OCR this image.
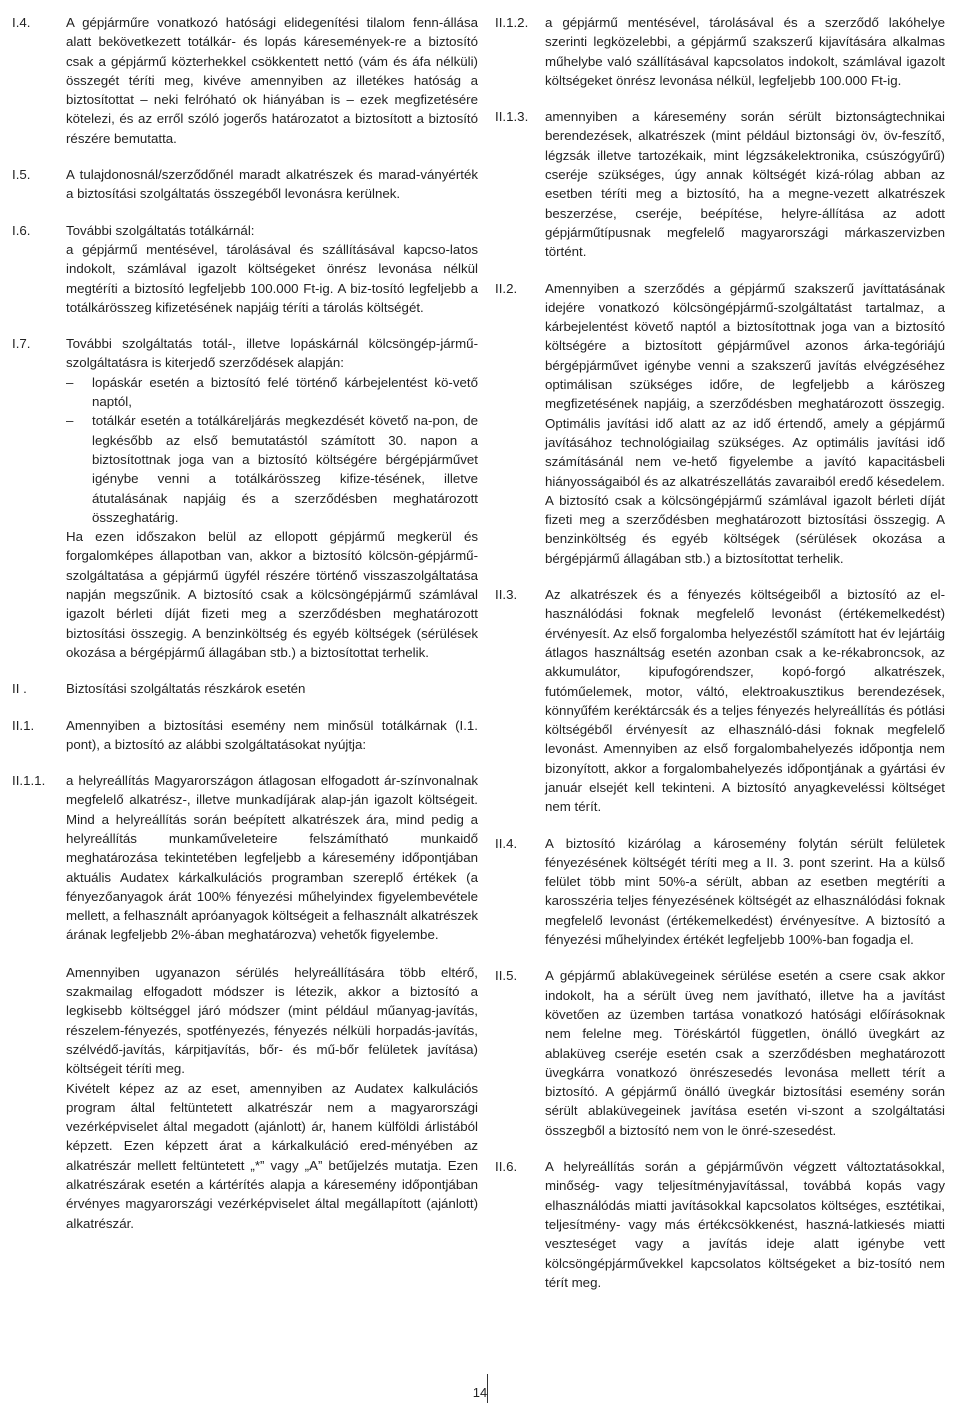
I.4.	A gépjárműre vonatkozó hatósági elidegenítési tilalom fenn-állása alatt bekövetkezett totálkár- és lopás káresemények-re a biztosító csak a gépjármű közterhekkel csökkentett nettó (vám és áfa nélküli) összegét téríti meg, kivéve amennyiben az illetékes hatóság a biztosítottat – neki felróható ok hiányában is – ezek megfizetésére kötelezi, és az erről szóló jogerős határozatot a biztosított a biztosító részére bemutatta.

I.5.	A tulajdonosnál/szerződőnél maradt alkatrészek és marad-ványérték a biztosítási szolgáltatás összegéből levonásra kerülnek.

I.6.	További szolgáltatás totálkárnál:

a gépjármű mentésével, tárolásával és szállításával kapcso-latos indokolt, számlával igazolt költségeket önrész levonása nélkül megtéríti a biztosító legfeljebb 100.000 Ft-ig. A biz-tosító legfeljebb a totálkárösszeg kifizetésének napjáig téríti a tárolás költségét.

I.7.	További szolgáltatás totál-, illetve lopáskárnál kölcsöngép-jármű-szolgáltatásra is kiterjedő szerződések alapján:

–	lopáskár esetén a biztosító felé történő kárbejelentést kö-vető naptól,
–	totálkár esetén a totálkáreljárás megkezdését követő na-pon, de legkésőbb az első bemutatástól számított 30. napon a biztosítottnak joga van a biztosító költségére bérgépjárművet igénybe venni a totálkárösszeg kifize-tésének, illetve átutalásának napjáig és a szerződésben meghatározott összeghatárig.

Ha ezen időszakon belül az ellopott gépjármű megkerül és forgalomképes állapotban van, akkor a biztosító kölcsön-gépjármű-szolgáltatása a gépjármű ügyfél részére történő visszaszolgáltatása napján megszűnik. A biztosító csak a kölcsöngépjármű számlával igazolt bérleti díját fizeti meg a szerződésben meghatározott biztosítási összegig. A benzinköltség és egyéb költségek (sérülések okozása a bérgépjármű állagában stb.) a biztosítottat terhelik.

II .	Biztosítási szolgáltatás részkárok esetén

II.1.	Amennyiben a biztosítási esemény nem minősül totálkárnak (I.1. pont), a biztosító az alábbi szolgáltatásokat nyújtja:

II.1.1.	a helyreállítás Magyarországon átlagosan elfogadott ár-színvonalnak megfelelő alkatrész-, illetve munkadíjárak alap-ján igazolt költségeit. Mind a helyreállítás során beépített alkatrészek ára, mind pedig a helyreállítás munkaműveleteire felszámítható munkaidő meghatározása tekintetében legfeljebb a káresemény időpontjában aktuális Audatex kárkalkulációs programban szereplő értékek (a fényezőanyagok árát 100% fényezési műhelyindex figyelembevétele mellett, a felhasznált apróanyagok költségeit a felhasznált alkatrészek árának legfeljebb 2%-ában meghatározva) vehetők figyelembe.

Amennyiben ugyanazon sérülés helyreállítására több eltérő, szakmailag elfogadott módszer is létezik, akkor a biztosító a legkisebb költséggel járó módszer (mint például műanyag-javítás, részelem-fényezés, spotfényezés, fényezés nélküli horpadás-javítás, szélvédő-javítás, kárpitjavítás, bőr- és mű-bőr felületek javítása) költségeit téríti meg.

Kivételt képez az az eset, amennyiben az Audatex kalkulációs program által feltüntetett alkatrészár nem a magyarországi vezérképviselet által megadott (ajánlott) ár, hanem külföldi árlistából képzett. Ezen képzett árat a kárkalkuláció ered-ményében az alkatrészár mellett feltüntetett „*” vagy „A” betűjelzés mutatja. Ezen alkatrészárak esetén a kártérítés alapja a káresemény időpontjában érvényes magyarországi vezérképviselet által megállapított (ajánlott) alkatrészár.

II.1.2.	a gépjármű mentésével, tárolásával és a szerződő lakóhelye szerinti legközelebbi, a gépjármű szakszerű kijavítására alkalmas műhelybe való szállításával kapcsolatos indokolt, számlával igazolt költségeket önrész levonása nélkül, legfeljebb 100.000 Ft-ig.

II.1.3.	amennyiben a káresemény során sérült biztonságtechnikai berendezések, alkatrészek (mint például biztonsági öv, öv-feszítő, légzsák illetve tartozékaik, mint légzsákelektronika, csúszógyűrű) cseréje szükséges, úgy annak költségét kizá-rólag abban az esetben téríti meg a biztosító, ha a megne-vezett alkatrészek beszerzése, cseréje, beépítése, helyre-állítása az adott gépjárműtípusnak megfelelő magyarországi márkaszervizben történt.

II.2.	Amennyiben a szerződés a gépjármű szakszerű javíttatásának idejére vonatkozó kölcsöngépjármű-szolgáltatást tartalmaz, a kárbejelentést követő naptól a biztosítottnak joga van a biztosító költségére a biztosított gépjárművel azonos árka-tegóriájú bérgépjárművet igénybe venni a szakszerű javítás elvégzéséhez optimálisan szükséges időre, de legfeljebb a káröszeg megfizetésének napjáig, a szerződésben meghatározott összegig. Optimális javítási idő alatt az az idő értendő, amely a gépjármű javításához technológiailag szükséges. Az optimális javítási idő számításánál nem ve-hető figyelembe a javító kapacitásbeli hiányosságaiból és az alkatrészellátás zavaraiból eredő késedelem. A biztosító csak a kölcsöngépjármű számlával igazolt bérleti díját fizeti meg a szerződésben meghatározott biztosítási összegig. A benzinköltség és egyéb költségek (sérülések okozása a bérgépjármű állagában stb.) a biztosítottat terhelik.

II.3.	Az alkatrészek és a fényezés költségeiből a biztosító az el-használódási foknak megfelelő levonást (értékemelkedést) érvényesít. Az első forgalomba helyezéstől számított hat év lejártáig átlagos használtság esetén azonban csak a ke-rékabroncsok, az akkumulátor, kipufogórendszer, kopó-forgó alkatrészek, futóműelemek, motor, váltó, elektroakusztikus berendezések, könnyűfém keréktárcsák és a teljes fényezés helyreállítás és pótlási költségéből érvényesít az elhasználó-dási foknak megfelelő levonást. Amennyiben az első forgalombahelyezés időpontja nem bizonyított, akkor a forgalombahelyezés időpontjának a gyártási év január elsejét kell tekinteni. A biztosító anyagkeveléssi költséget nem térít.

II.4.	A biztosító kizárólag a károsemény folytán sérült felületek fényezésének költségét téríti meg a II. 3. pont szerint. Ha a külső felület több mint 50%-a sérült, abban az esetben megtéríti a karosszéria teljes fényezésének költségét az elhasználódási foknak megfelelő levonást (értékemelkedést) érvényesítve. A biztosító a fényezési műhelyindex értékét legfeljebb 100%-ban fogadja el.

II.5.	A gépjármű ablaküvegeinek sérülése esetén a csere csak akkor indokolt, ha a sérült üveg nem javítható, illetve ha a javítást követően az üzemben tartása vonatkozó hatósági előírásoknak nem felelne meg. Töréskártól független, önálló üvegkárt az ablaküveg cseréje esetén csak a szerződésben meghatározott üvegkárra vonatkozó önrészesedés levonása mellett térít a biztosító. A gépjármű önálló üvegkár biztosítási esemény során sérült ablaküvegeinek javítása esetén vi-szont a szolgáltatási összegből a biztosító nem von le önré-szesedést.

II.6.	A helyreállítás során a gépjárművön végzett változtatásokkal, minőség- vagy teljesítményjavítással, továbbá kopás vagy elhasználódás miatti javításokkal kapcsolatos költséges, esztétikai, teljesítmény- vagy más értékcsökkenést, haszná-latkiesés miatti veszteséget vagy a javítás ideje alatt igénybe vett kölcsöngépjárművekkel kapcsolatos költségeket a biz-tosító nem térít meg.

14
